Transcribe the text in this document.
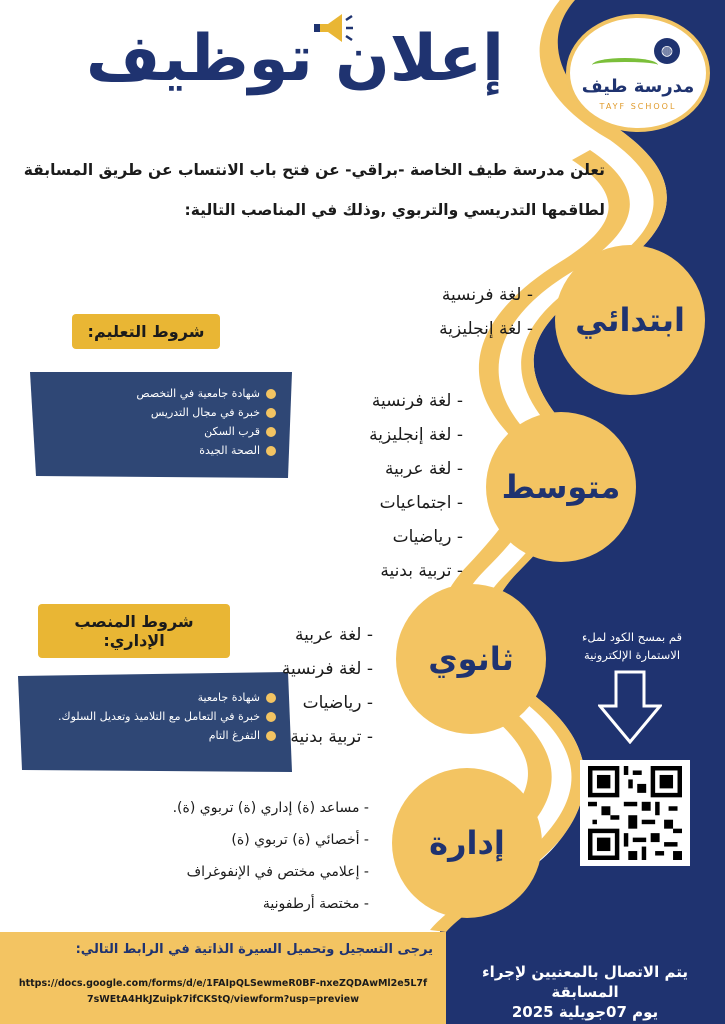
◍
مدرسة طيف
TAYF SCHOOL
إعلان توظيف
تعلن مدرسة طيف الخاصة -براقي- عن فتح باب الانتساب عن طريق المسابقة
لطاقمها التدريسي والتربوي ,وذلك في المناصب التالية:
ابتدائي
- لغة فرنسية
- لغة إنجليزية
متوسط
- لغة فرنسية
- لغة إنجليزية
- لغة عربية
- اجتماعيات
- رياضيات
- تربية بدنية
ثانوي
- لغة عربية
- لغة فرنسية
- رياضيات
- تربية بدنية
إدارة
- مساعد (ة) إداري (ة) تربوي (ة).
- أخصائي (ة) تربوي (ة)
- إعلامي مختص في الإنفوغراف
- مختصة أرطفونية
شروط التعليم:
شهادة جامعية في التخصص
خبرة في مجال التدريس
قرب السكن
الصحة الجيدة
شروط المنصب الإداري:
شهادة جامعية
خبرة في التعامل مع التلاميذ وتعديل السلوك.
التفرغ التام
قم بمسح الكود لملء الاستمارة الإلكترونية
يرجى التسجيل وتحميل السيرة الذاتية في الرابط التالي:
https://docs.google.com/forms/d/e/1FAIpQLSewmeR0BF-nxeZQDAwMl2e5L7f7sWEtA4HkJZuipk7ifCKStQ/viewform?usp=preview
يتم الاتصال بالمعنيين لإجراء المسابقة
يوم 07جويلية 2025
